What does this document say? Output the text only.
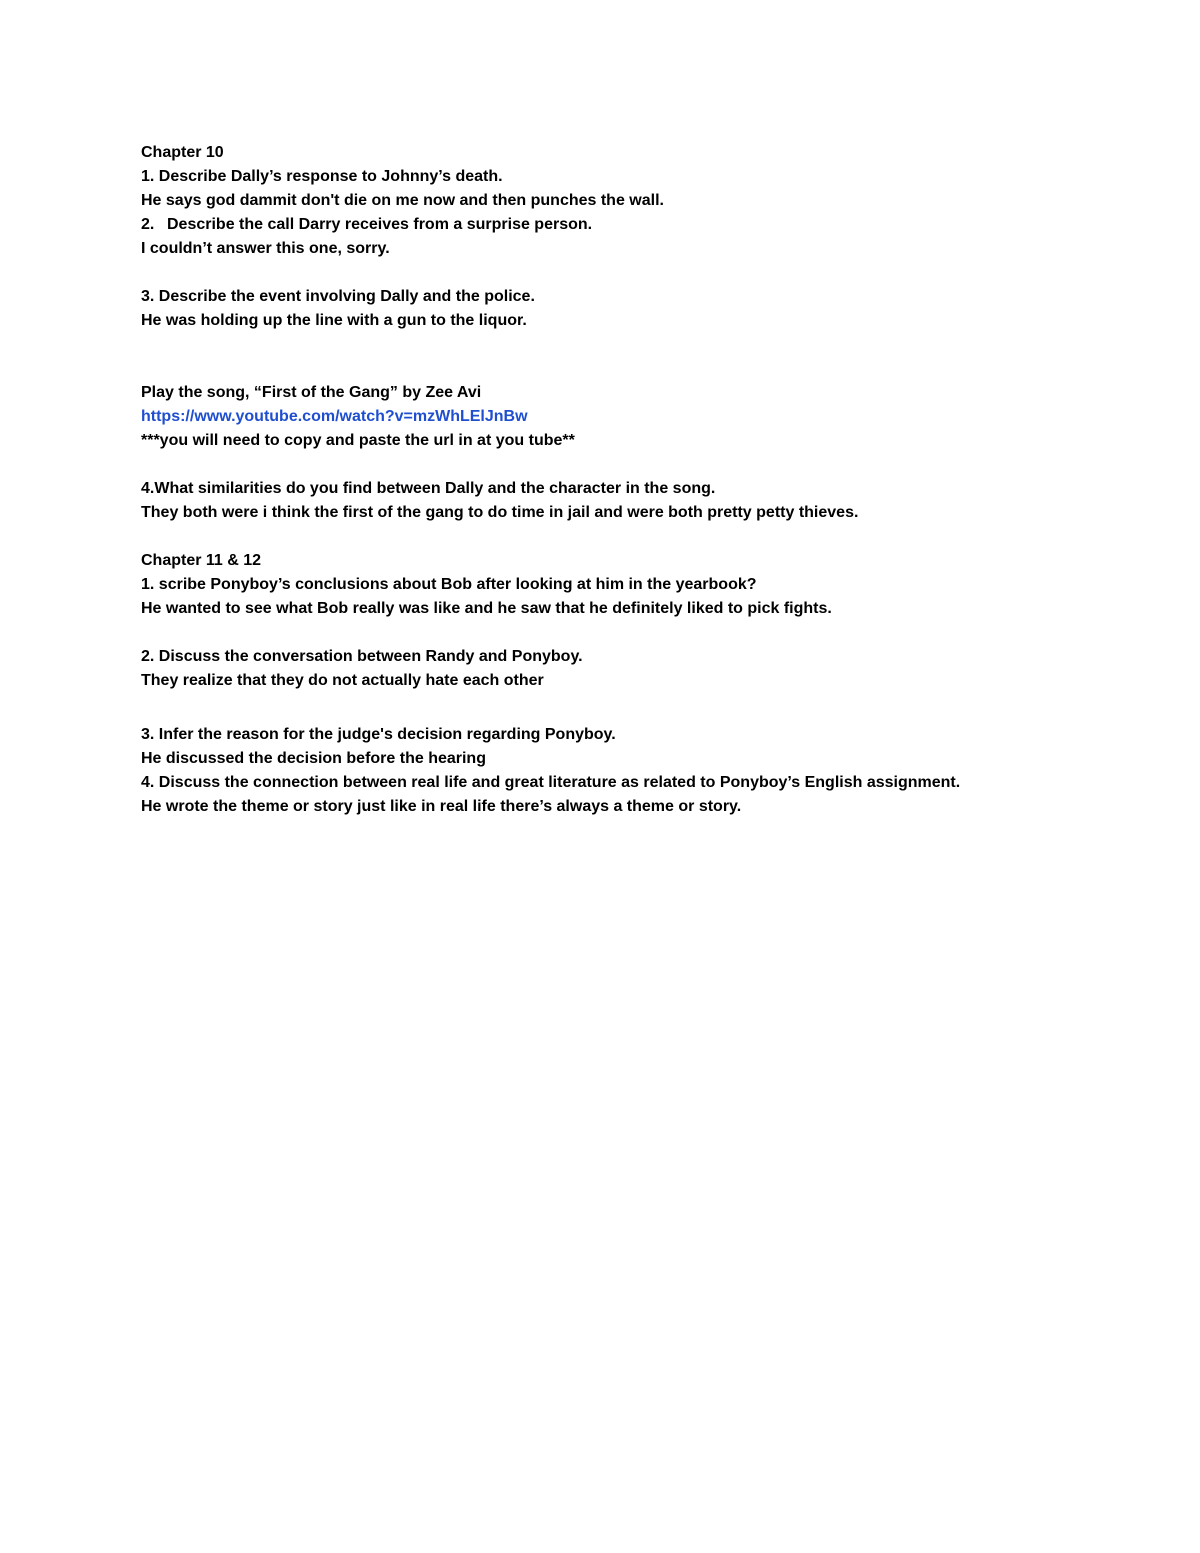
Chapter 10
1. Describe Dally’s response to Johnny’s death.
He says god dammit don't die on me now and then punches the wall.
2. Describe the call Darry receives from a surprise person.
I couldn’t answer this one, sorry.
3. Describe the event involving Dally and the police.
He was holding up the line with a gun to the liquor.
Play the song, “First of the Gang” by Zee Avi
https://www.youtube.com/watch?v=mzWhLElJnBw
***you will need to copy and paste the url in at you tube**
4.What similarities do you find between Dally and the character in the song.
They both were i think the first of the gang to do time in jail and were both pretty petty thieves.
Chapter 11 & 12
1. scribe Ponyboy’s conclusions about Bob after looking at him in the yearbook?
He wanted to see what Bob really was like and he saw that he definitely liked to pick fights.
2. Discuss the conversation between Randy and Ponyboy.
They realize that they do not actually hate each other
3. Infer the reason for the judge's decision regarding Ponyboy.
He discussed the decision before the hearing
4. Discuss the connection between real life and great literature as related to Ponyboy’s English assignment.
He wrote the theme or story just like in real life there’s always a theme or story.
